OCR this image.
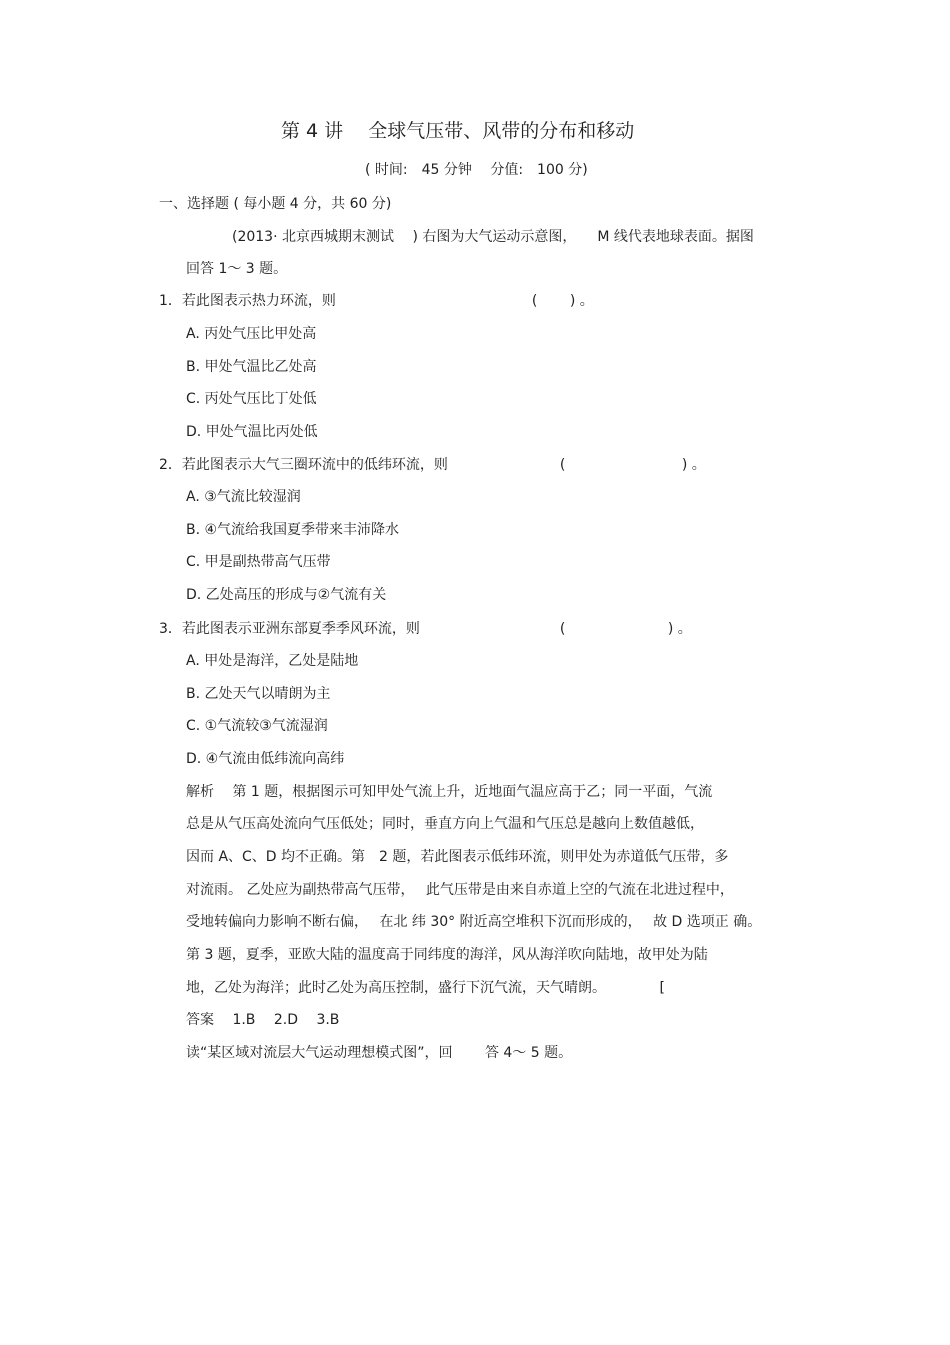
第 4 讲　 全球气压带、风带的分布和移动
( 时间:　45 分钟　 分值:　100 分)
一、选择题 ( 每小题 4 分，共 60 分)
(2013· 北京西城期末测试　 ) 右图为大气运动示意图，　　M 线代表地球表面。据图
回答 1～ 3 题。
1．若此图表示热力环流，则　　　　　　　　　　　　　　(　　 ) 。
A. 丙处气压比甲处高
B. 甲处气温比乙处高
C. 丙处气压比丁处低
D. 甲处气温比丙处低
2．若此图表示大气三圈环流中的低纬环流，则　　　　　　　　(　　　　　　　　 ) 。
A. ③气流比较湿润
B. ④气流给我国夏季带来丰沛降水
C. 甲是副热带高气压带
D. 乙处高压的形成与②气流有关
3．若此图表示亚洲东部夏季季风环流，则　　　　　　　　　　(　　　　　　　 ) 。
A. 甲处是海洋，乙处是陆地
B. 乙处天气以晴朗为主
C. ①气流较③气流湿润
D. ④气流由低纬流向高纬
解析　 第 1 题，根据图示可知甲处气流上升，近地面气温应高于乙；同一平面，气流
总是从气压高处流向气压低处；同时，垂直方向上气温和气压总是越向上数值越低，
因而 A、C、D 均不正确。第　2 题，若此图表示低纬环流，则甲处为赤道低气压带，多
对流雨。 乙处应为副热带高气压带，　 此气压带是由来自赤道上空的气流在北进过程中，
受地转偏向力影响不断右偏，　 在北 纬 30° 附近高空堆积下沉而形成的，　 故 D 选项正 确。
第 3 题，夏季，亚欧大陆的温度高于同纬度的海洋，风从海洋吹向陆地，故甲处为陆
地，乙处为海洋；此时乙处为高压控制，盛行下沉气流，天气晴朗。　　　　 [
答案　 1.B　 2.D　 3.B
读“某区域对流层大气运动理想模式图”，回　　 答 4～ 5 题。
